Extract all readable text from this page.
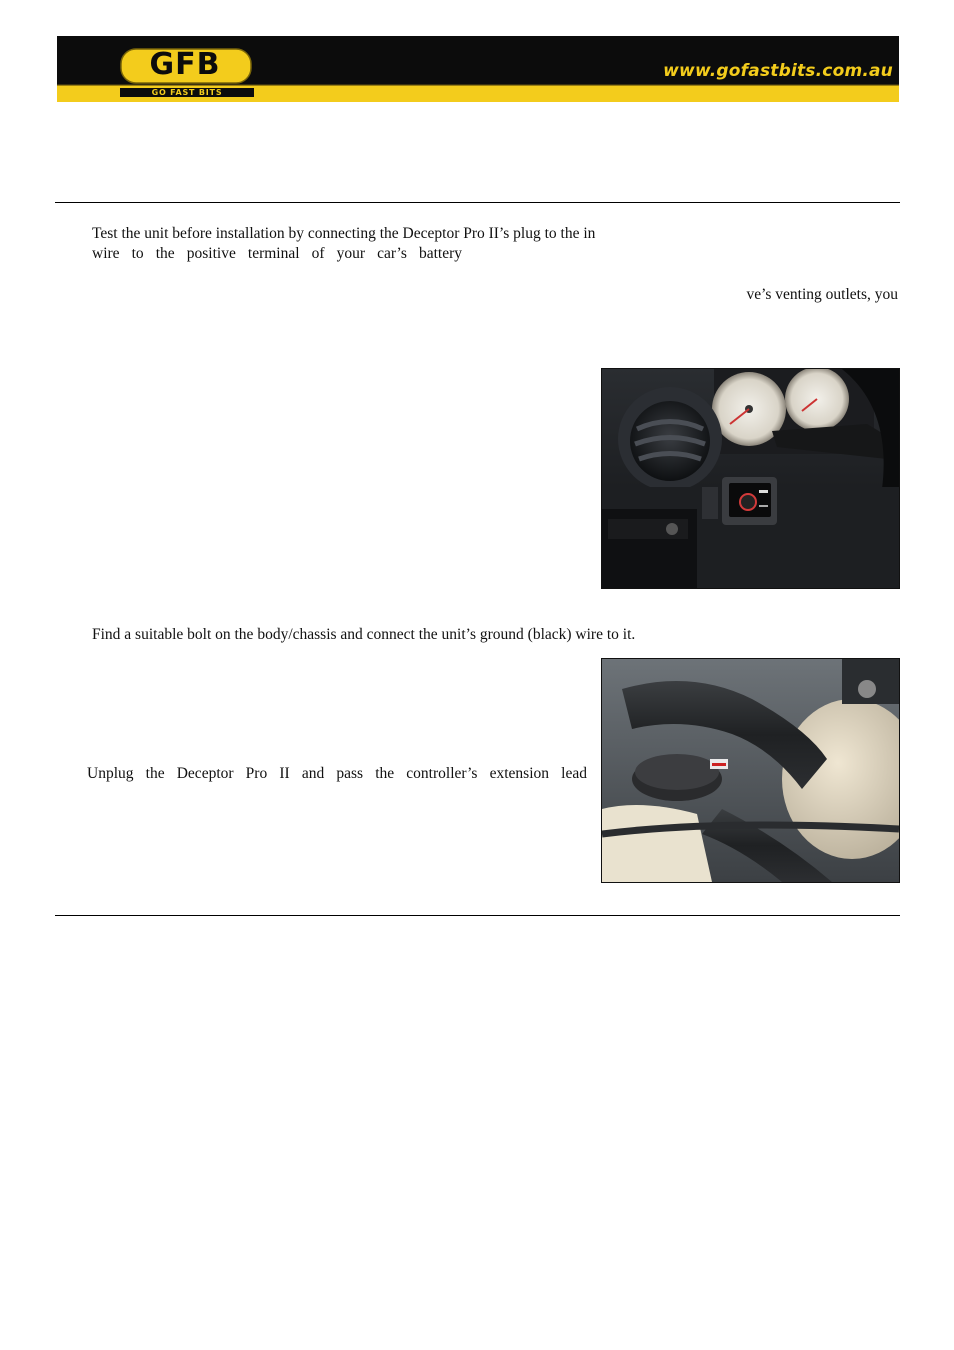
GFB
GO FAST BITS
www.gofastbits.com.au
Test the unit before installation by connecting the Deceptor Pro II’s plug to the in
wire to the positive terminal of your car’s battery
ve’s venting outlets, you
Find a suitable bolt on the body/chassis and connect the unit’s ground (black) wire to it.
Unplug the Deceptor Pro II and pass the controller’s extension lead
